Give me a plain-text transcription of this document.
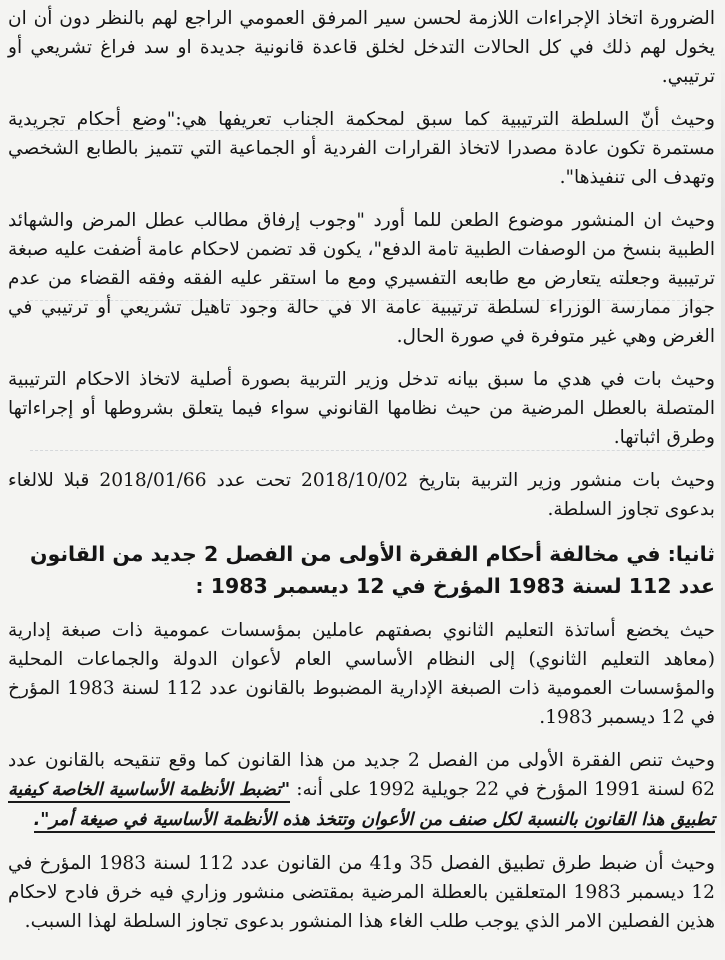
الضرورة اتخاذ الإجراءات اللازمة لحسن سير المرفق العمومي الراجع لهم بالنظر دون أن ان يخول لهم ذلك في كل الحالات التدخل لخلق قاعدة قانونية جديدة او سد فراغ تشريعي أو ترتيبي.

وحيث أنّ السلطة الترتيبية كما سبق لمحكمة الجناب تعريفها هي:"وضع أحكام تجريدية مستمرة تكون عادة مصدرا لاتخاذ القرارات الفردية أو الجماعية التي تتميز بالطابع الشخصي وتهدف الى تنفيذها".

وحيث ان المنشور موضوع الطعن للما أورد "وجوب إرفاق مطالب عطل المرض والشهائد الطبية بنسخ من الوصفات الطبية تامة الدفع"، يكون قد تضمن لاحكام عامة أضفت عليه صبغة ترتيبية وجعلته يتعارض مع طابعه التفسيري ومع ما استقر عليه الفقه وفقه القضاء من عدم جواز ممارسة الوزراء لسلطة ترتيبية عامة الا في حالة وجود تاهيل تشريعي أو ترتيبي في الغرض وهي غير متوفرة في صورة الحال.

وحيث بات في هدي ما سبق بيانه تدخل وزير التربية بصورة أصلية لاتخاذ الاحكام الترتيبية المتصلة بالعطل المرضية من حيث نظامها القانوني سواء فيما يتعلق بشروطها أو إجراءاتها وطرق اثباتها.

وحيث بات منشور وزير التربية بتاريخ 2018/10/02 تحت عدد 2018/01/66 قبلا للالغاء بدعوى تجاوز السلطة.

ثانيا: في مخالفة أحكام الفقرة الأولى من الفصل 2 جديد من القانون عدد 112 لسنة 1983 المؤرخ في 12 ديسمبر 1983 :

حيث يخضع أساتذة التعليم الثانوي بصفتهم عاملين بمؤسسات عمومية ذات صبغة إدارية (معاهد التعليم الثانوي) إلى النظام الأساسي العام لأعوان الدولة والجماعات المحلية والمؤسسات العمومية ذات الصبغة الإدارية المضبوط بالقانون عدد 112 لسنة 1983 المؤرخ في 12 ديسمبر 1983.

وحيث تنص الفقرة الأولى من الفصل 2 جديد من هذا القانون كما وقع تنقيحه بالقانون عدد 62 لسنة 1991 المؤرخ في 22 جويلية 1992 على أنه: "تضبط الأنظمة الأساسية الخاصة كيفية تطبيق هذا القانون بالنسبة لكل صنف من الأعوان وتتخذ هذه الأنظمة الأساسية في صيغة أمر".

وحيث أن ضبط طرق تطبيق الفصل 35 و41 من القانون عدد 112 لسنة 1983 المؤرخ في 12 ديسمبر 1983 المتعلقين بالعطلة المرضية بمقتضى منشور وزاري فيه خرق فادح لاحكام هذين الفصلين الامر الذي يوجب طلب الغاء هذا المنشور بدعوى تجاوز السلطة لهذا السبب.
